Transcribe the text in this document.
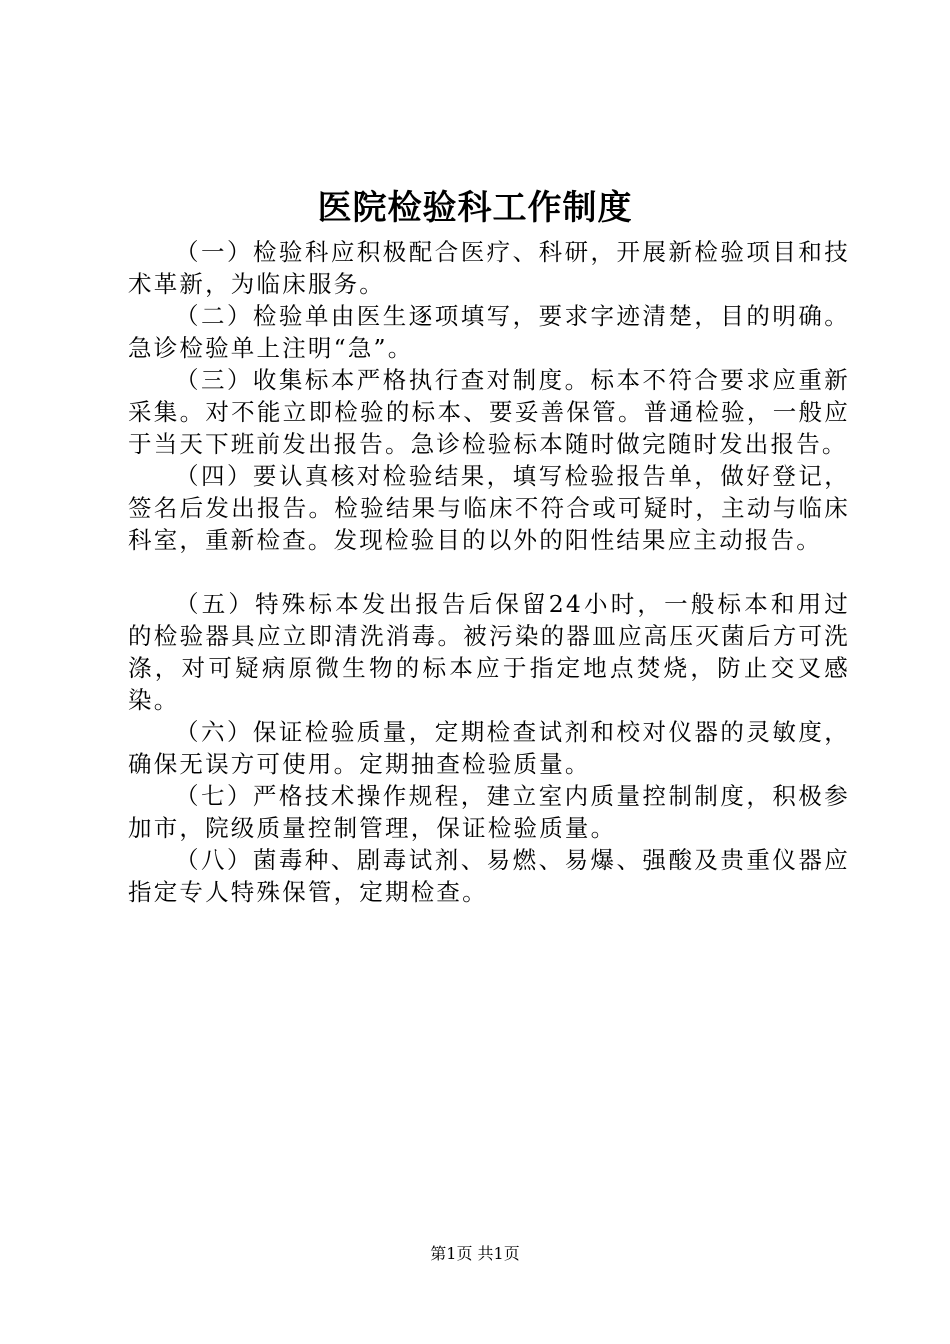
医院检验科工作制度

（一）检验科应积极配合医疗、科研，开展新检验项目和技术革新，为临床服务。

（二）检验单由医生逐项填写，要求字迹清楚，目的明确。急诊检验单上注明“急”。

（三）收集标本严格执行查对制度。标本不符合要求应重新采集。对不能立即检验的标本、要妥善保管。普通检验，一般应于当天下班前发出报告。急诊检验标本随时做完随时发出报告。

（四）要认真核对检验结果，填写检验报告单，做好登记，签名后发出报告。检验结果与临床不符合或可疑时，主动与临床科室，重新检查。发现检验目的以外的阳性结果应主动报告。

（五）特殊标本发出报告后保留24小时，一般标本和用过的检验器具应立即清洗消毒。被污染的器皿应高压灭菌后方可洗涤，对可疑病原微生物的标本应于指定地点焚烧，防止交叉感染。

（六）保证检验质量，定期检查试剂和校对仪器的灵敏度，确保无误方可使用。定期抽查检验质量。

（七）严格技术操作规程，建立室内质量控制制度，积极参加市，院级质量控制管理，保证检验质量。

（八）菌毒种、剧毒试剂、易燃、易爆、强酸及贵重仪器应指定专人特殊保管，定期检查。

第1页 共1页
